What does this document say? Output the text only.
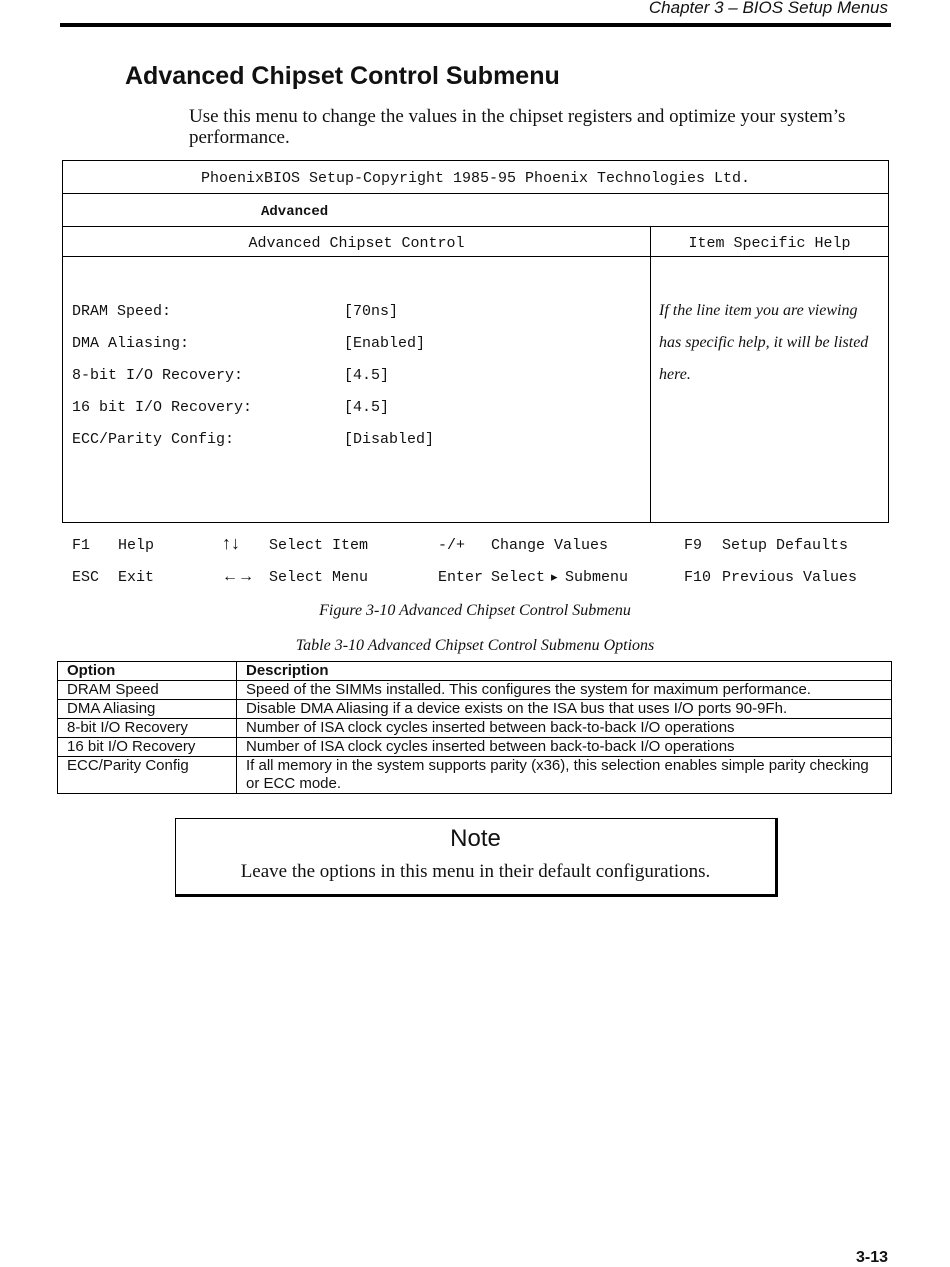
Chapter 3 – BIOS Setup Menus
Advanced Chipset Control Submenu
Use this menu to change the values in the chipset registers and optimize your system’s performance.
PhoenixBIOS Setup-Copyright 1985-95 Phoenix Technologies Ltd.
Advanced
Advanced Chipset Control	Item Specific Help
DRAM Speed:	[70ns]
DMA Aliasing:	[Enabled]
8-bit I/O Recovery:	[4.5]
16 bit I/O Recovery:	[4.5]
ECC/Parity Config:	[Disabled]
If the line item you are viewing has specific help, it will be listed here.
F1 Help	↑↓ Select Item	-/+ Change Values	F9 Setup Defaults
ESC Exit	←→ Select Menu	Enter Select ▸ Submenu	F10 Previous Values
Figure 3-10 Advanced Chipset Control Submenu
Table 3-10 Advanced Chipset Control Submenu Options
Option	Description
DRAM Speed	Speed of the SIMMs installed. This configures the system for maximum performance.
DMA Aliasing	Disable DMA Aliasing if a device exists on the ISA bus that uses I/O ports 90-9Fh.
8-bit I/O Recovery	Number of ISA clock cycles inserted between back-to-back I/O operations
16 bit I/O Recovery	Number of ISA clock cycles inserted between back-to-back I/O operations
ECC/Parity Config	If all memory in the system supports parity (x36), this selection enables simple parity checking or ECC mode.
Note
Leave the options in this menu in their default configurations.
3-13
